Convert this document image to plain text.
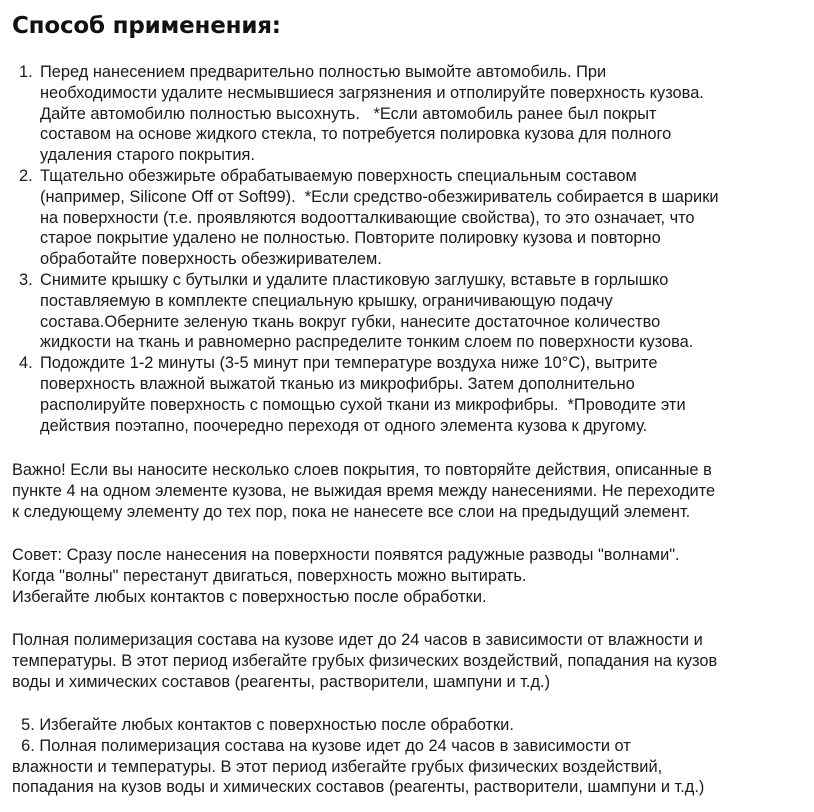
Способ применения:
1. Перед нанесением предварительно полностью вымойте автомобиль. При
необходимости удалите несмывшиеся загрязнения и отполируйте поверхность кузова.
Дайте автомобилю полностью высохнуть.   *Если автомобиль ранее был покрыт
составом на основе жидкого стекла, то потребуется полировка кузова для полного
удаления старого покрытия.
2. Тщательно обезжирьте обрабатываемую поверхность специальным составом
(например, Silicone Off от Soft99).  *Если средство-обезжириватель собирается в шарики
на поверхности (т.е. проявляются водоотталкивающие свойства), то это означает, что
старое покрытие удалено не полностью. Повторите полировку кузова и повторно
обработайте поверхность обезжиривателем.
3. Снимите крышку с бутылки и удалите пластиковую заглушку, вставьте в горлышко
поставляемую в комплекте специальную крышку, ограничивающую подачу
состава.Оберните зеленую ткань вокруг губки, нанесите достаточное количество
жидкости на ткань и равномерно распределите тонким слоем по поверхности кузова.
4. Подождите 1-2 минуты (3-5 минут при температуре воздуха ниже 10°С), вытрите
поверхность влажной выжатой тканью из микрофибры. Затем дополнительно
располируйте поверхность с помощью сухой ткани из микрофибры.  *Проводите эти
действия поэтапно, поочередно переходя от одного элемента кузова к другому.
Важно! Если вы наносите несколько слоев покрытия, то повторяйте действия, описанные в
пункте 4 на одном элементе кузова, не выжидая время между нанесениями. Не переходите
к следующему элементу до тех пор, пока не нанесете все слои на предыдущий элемент.
Совет: Сразу после нанесения на поверхности появятся радужные разводы "волнами".
Когда "волны" перестанут двигаться, поверхность можно вытирать.
Избегайте любых контактов с поверхностью после обработки.
Полная полимеризация состава на кузове идет до 24 часов в зависимости от влажности и
температуры. В этот период избегайте грубых физических воздействий, попадания на кузов
воды и химических составов (реагенты, растворители, шампуни и т.д.)
5. Избегайте любых контактов с поверхностью после обработки.
6. Полная полимеризация состава на кузове идет до 24 часов в зависимости от
влажности и температуры. В этот период избегайте грубых физических воздействий,
попадания на кузов воды и химических составов (реагенты, растворители, шампуни и т.д.)
